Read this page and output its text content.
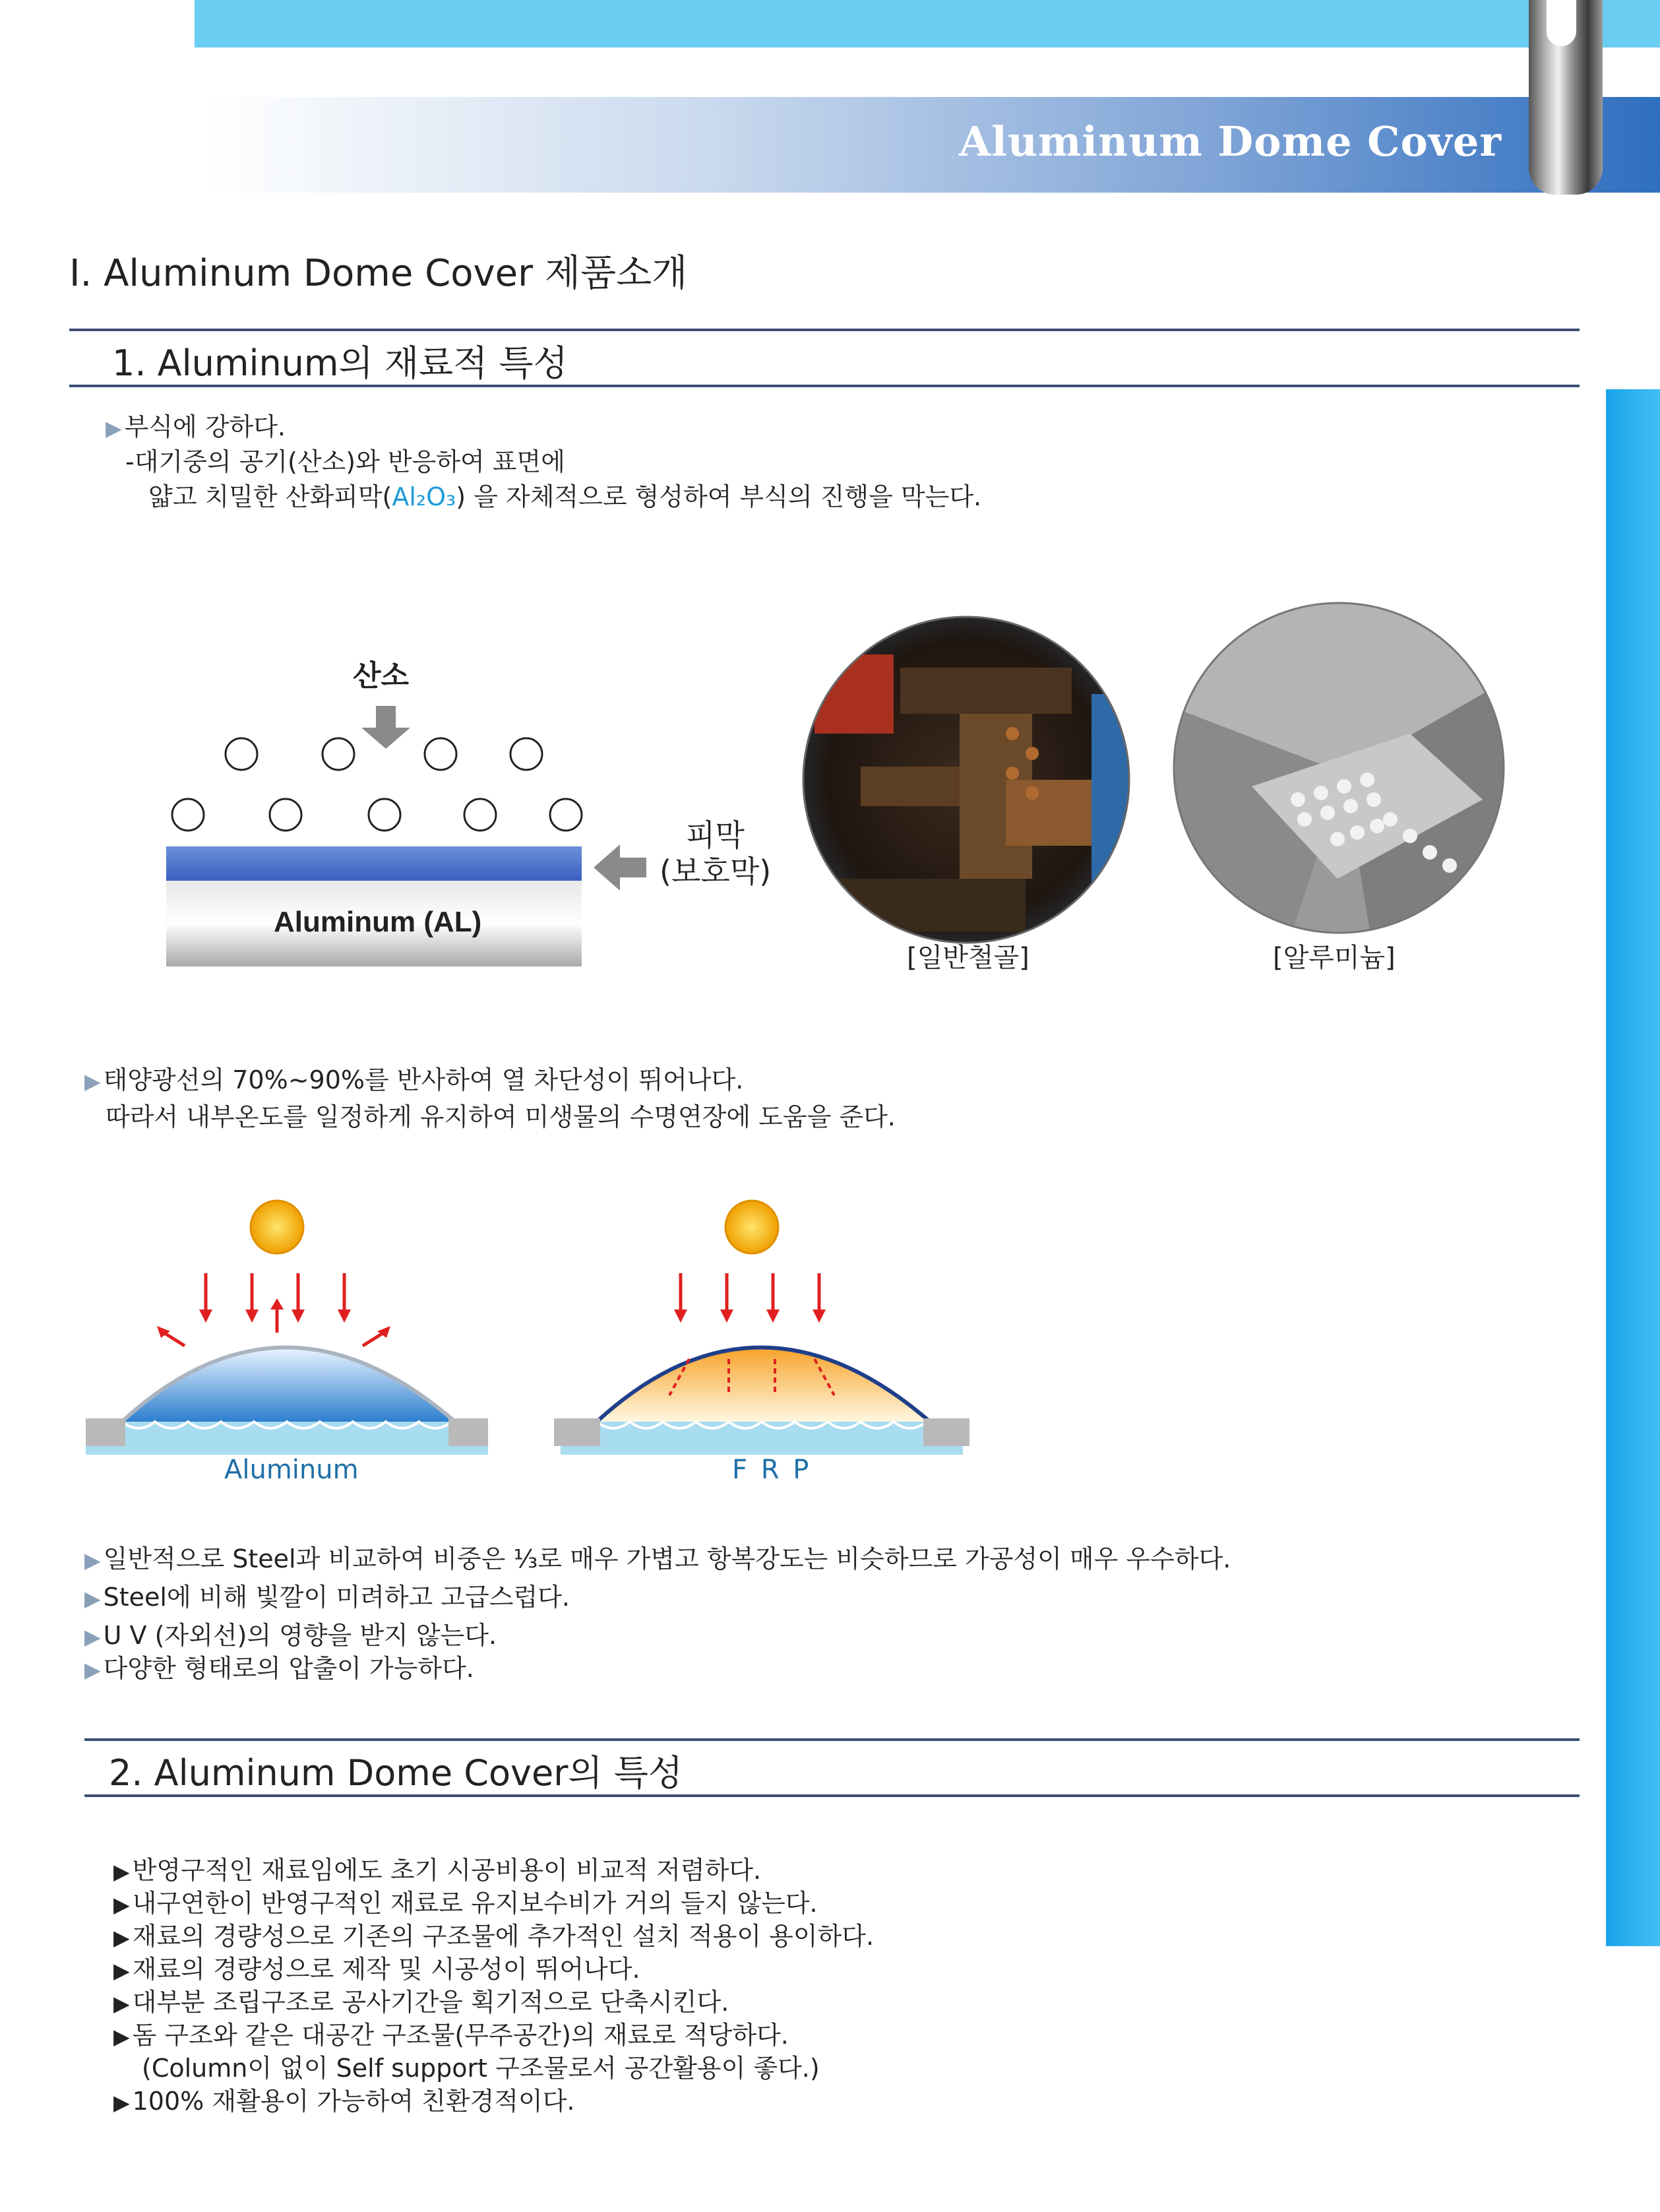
Aluminum Dome Cover
Ⅰ. Aluminum Dome Cover 제품소개
1. Aluminum의 재료적 특성
▶ 부식에 강하다.
-대기중의 공기(산소)와 반응하여 표면에
얇고 치밀한 산화피막(Al₂O₃) 을 자체적으로 형성하여 부식의 진행을 막는다.
산소
피막
(보호막)
Aluminum (AL)
[일반철골]	[알루미늄]
▶ 태양광선의 70%~90%를 반사하여 열 차단성이 뛰어나다.
따라서 내부온도를 일정하게 유지하여 미생물의 수명연장에 도움을 준다.
Aluminum	F R P
▶ 일반적으로 Steel과 비교하여 비중은 ⅓로 매우 가볍고 항복강도는 비슷하므로 가공성이 매우 우수하다.
▶ Steel에 비해 빛깔이 미려하고 고급스럽다.
▶ U V (자외선)의 영향을 받지 않는다.
▶ 다양한 형태로의 압출이 가능하다.
2. Aluminum Dome Cover의 특성
▶ 반영구적인 재료임에도 초기 시공비용이 비교적 저렴하다.
▶ 내구연한이 반영구적인 재료로 유지보수비가 거의 들지 않는다.
▶ 재료의 경량성으로 기존의 구조물에 추가적인 설치 적용이 용이하다.
▶ 재료의 경량성으로 제작 및 시공성이 뛰어나다.
▶ 대부분 조립구조로 공사기간을 획기적으로 단축시킨다.
▶ 돔 구조와 같은 대공간 구조물(무주공간)의 재료로 적당하다.
(Column이 없이 Self support 구조물로서 공간활용이 좋다.)
▶ 100% 재활용이 가능하여 친환경적이다.
